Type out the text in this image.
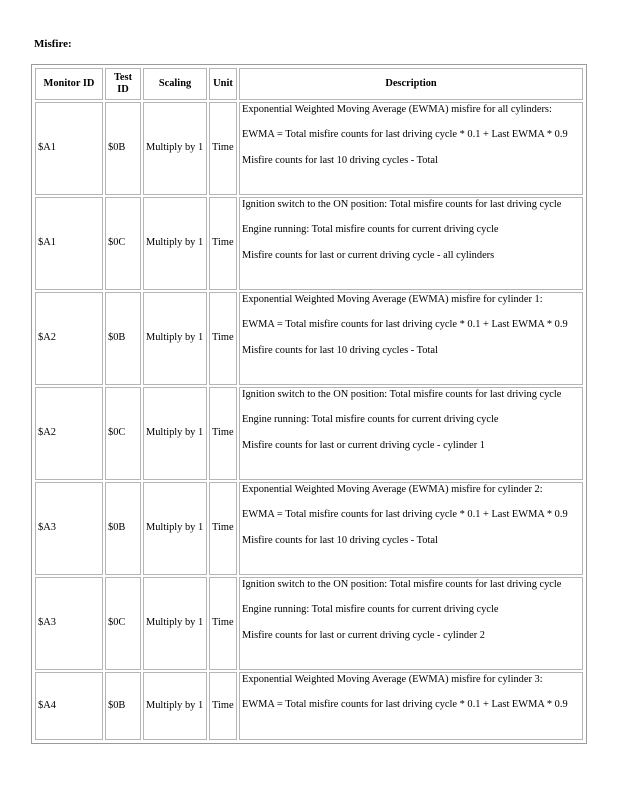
Misfire:
Monitor ID	Test ID	Scaling	Unit	Description
$A1	$0B	Multiply by 1	Time	Exponential Weighted Moving Average (EWMA) misfire for all cylinders:

EWMA = Total misfire counts for last driving cycle * 0.1 + Last EWMA * 0.9

Misfire counts for last 10 driving cycles - Total

$A1	$0C	Multiply by 1	Time	Ignition switch to the ON position: Total misfire counts for last driving cycle

Engine running: Total misfire counts for current driving cycle

Misfire counts for last or current driving cycle - all cylinders

$A2	$0B	Multiply by 1	Time	Exponential Weighted Moving Average (EWMA) misfire for cylinder 1:

EWMA = Total misfire counts for last driving cycle * 0.1 + Last EWMA * 0.9

Misfire counts for last 10 driving cycles - Total

$A2	$0C	Multiply by 1	Time	Ignition switch to the ON position: Total misfire counts for last driving cycle

Engine running: Total misfire counts for current driving cycle

Misfire counts for last or current driving cycle - cylinder 1

$A3	$0B	Multiply by 1	Time	Exponential Weighted Moving Average (EWMA) misfire for cylinder 2:

EWMA = Total misfire counts for last driving cycle * 0.1 + Last EWMA * 0.9

Misfire counts for last 10 driving cycles - Total

$A3	$0C	Multiply by 1	Time	Ignition switch to the ON position: Total misfire counts for last driving cycle

Engine running: Total misfire counts for current driving cycle

Misfire counts for last or current driving cycle - cylinder 2

$A4	$0B	Multiply by 1	Time	Exponential Weighted Moving Average (EWMA) misfire for cylinder 3:

EWMA = Total misfire counts for last driving cycle * 0.1 + Last EWMA * 0.9
